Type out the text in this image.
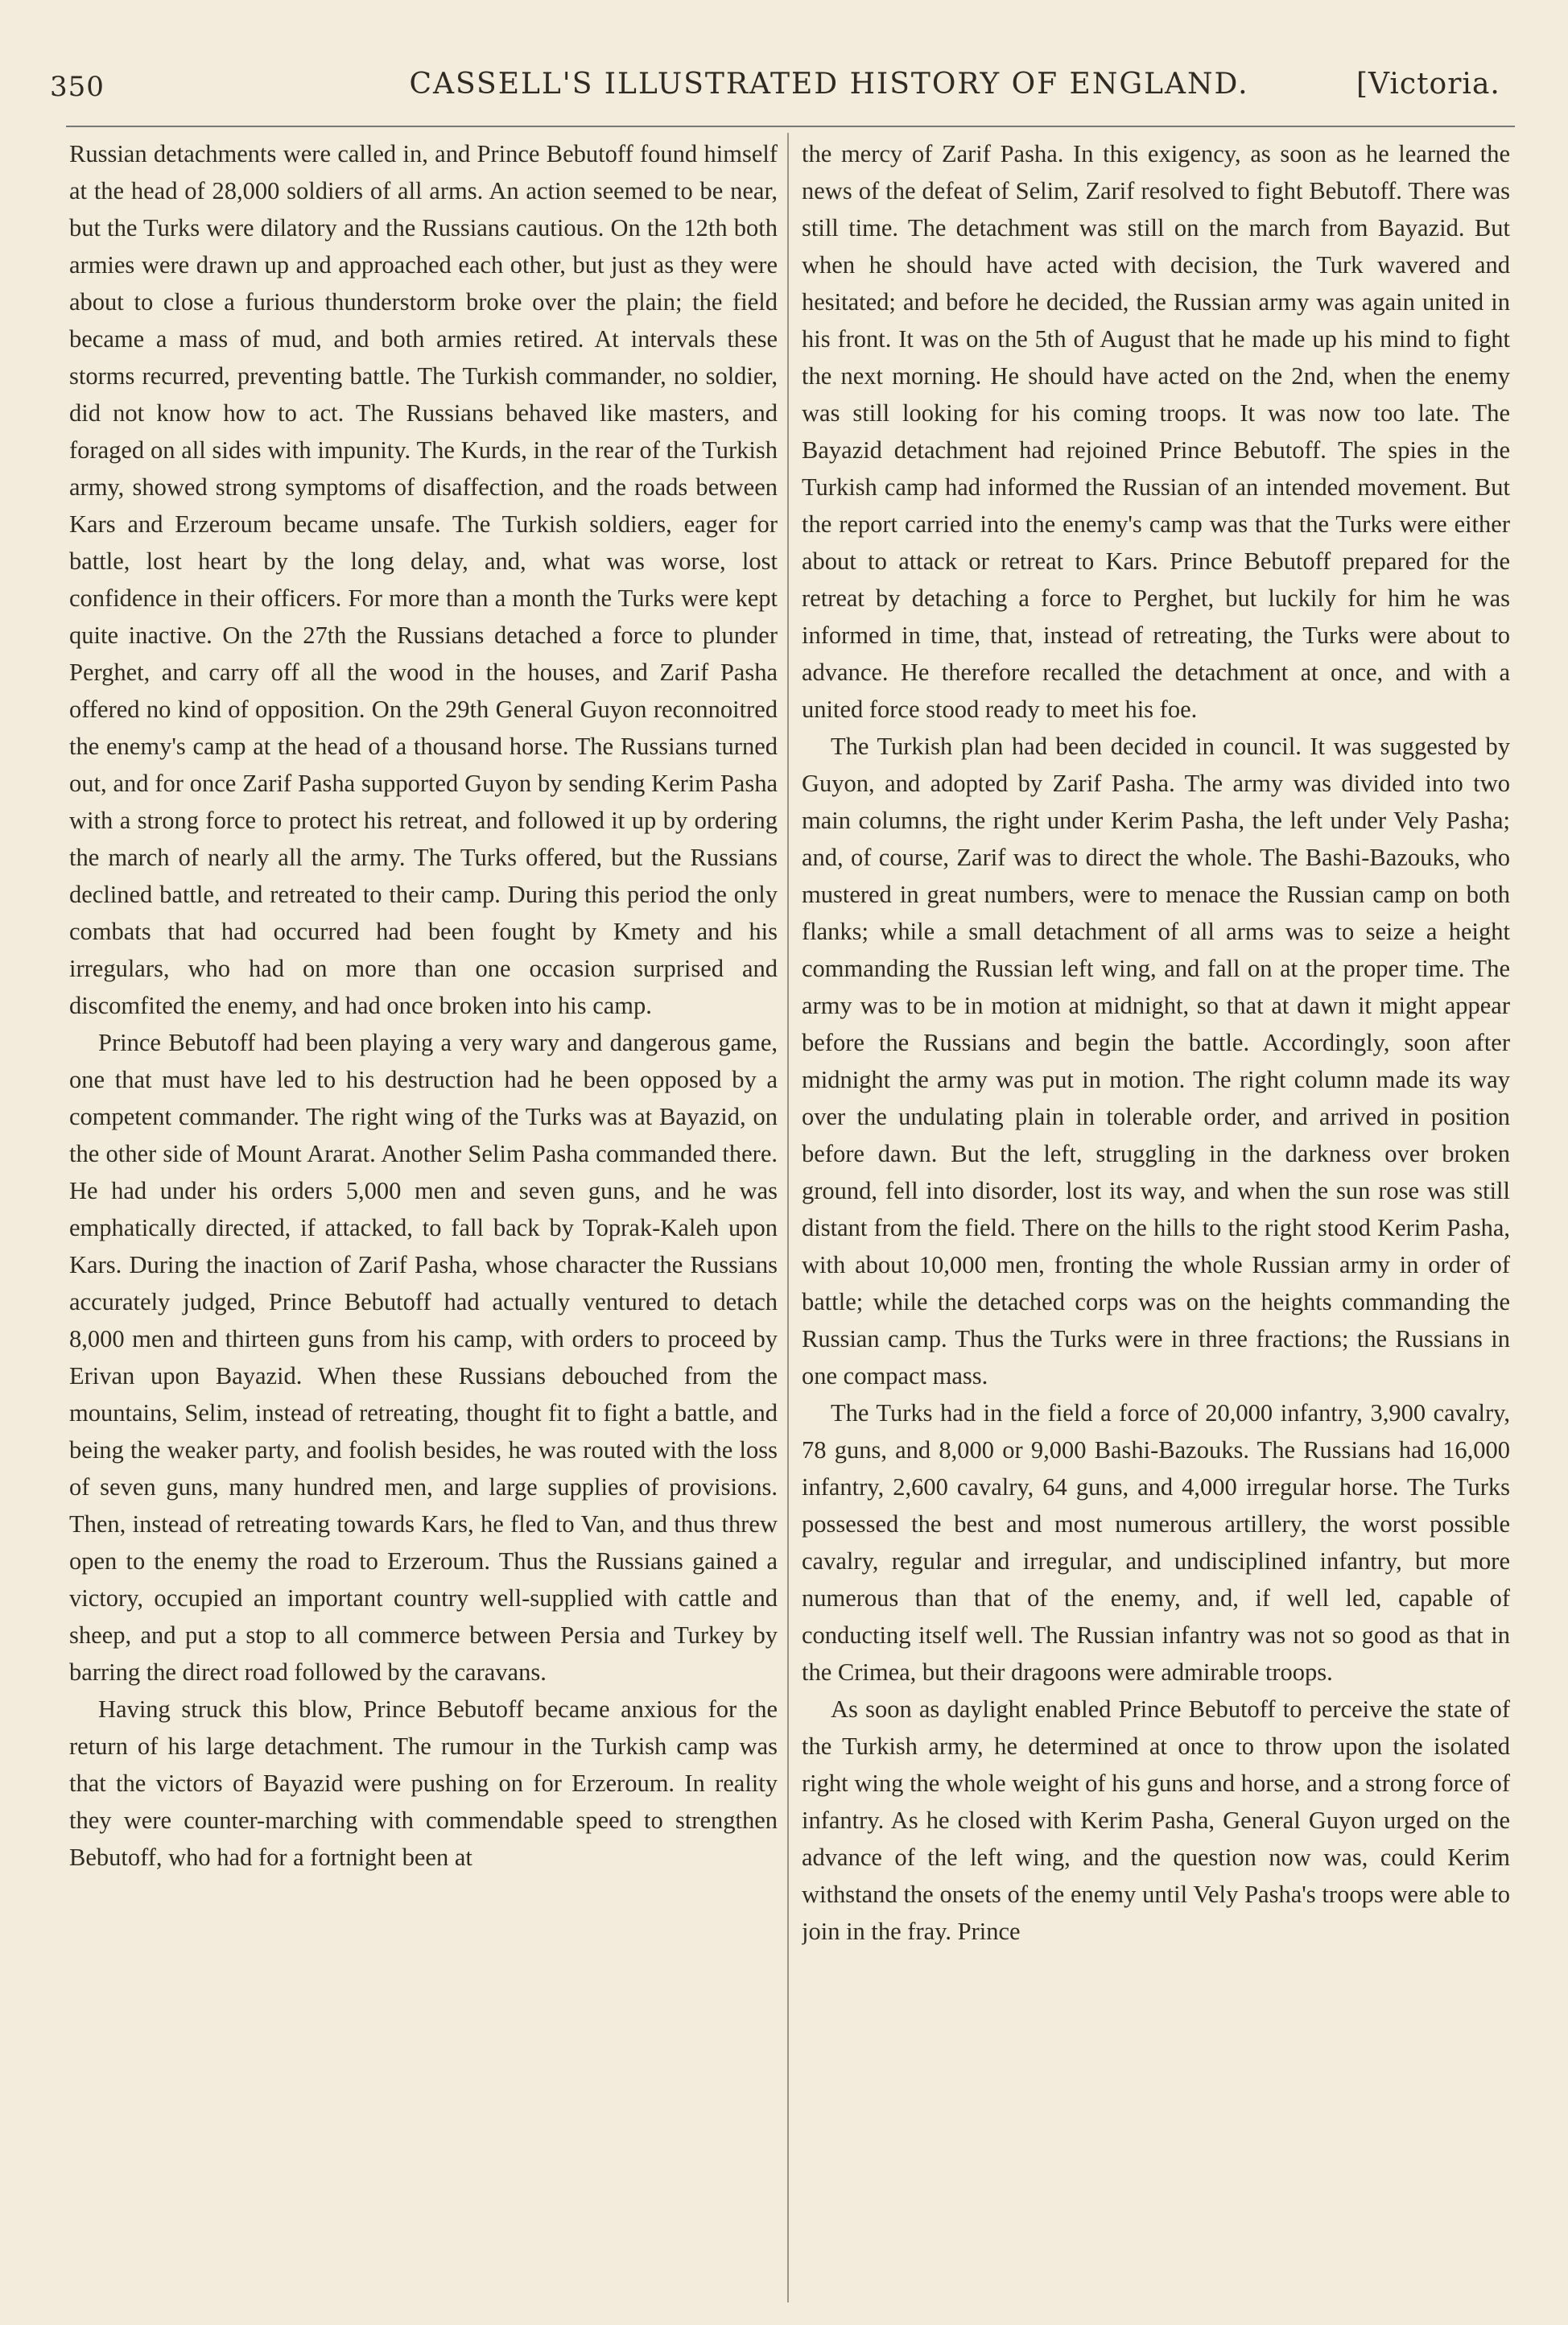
350	CASSELL'S ILLUSTRATED HISTORY OF ENGLAND.	[Victoria.

Russian detachments were called in, and Prince Bebutoff found himself at the head of 28,000 soldiers of all arms. An action seemed to be near, but the Turks were dilatory and the Russians cautious. On the 12th both armies were drawn up and approached each other, but just as they were about to close a furious thunderstorm broke over the plain; the field became a mass of mud, and both armies retired. At intervals these storms recurred, preventing battle. The Turkish commander, no soldier, did not know how to act. The Russians behaved like masters, and foraged on all sides with impunity. The Kurds, in the rear of the Turkish army, showed strong symptoms of disaffection, and the roads between Kars and Erzeroum became unsafe. The Turkish soldiers, eager for battle, lost heart by the long delay, and, what was worse, lost confidence in their officers. For more than a month the Turks were kept quite inactive. On the 27th the Russians detached a force to plunder Perghet, and carry off all the wood in the houses, and Zarif Pasha offered no kind of opposition. On the 29th General Guyon reconnoitred the enemy's camp at the head of a thousand horse. The Russians turned out, and for once Zarif Pasha supported Guyon by sending Kerim Pasha with a strong force to protect his retreat, and followed it up by ordering the march of nearly all the army. The Turks offered, but the Russians declined battle, and retreated to their camp. During this period the only combats that had occurred had been fought by Kmety and his irregulars, who had on more than one occasion surprised and discomfited the enemy, and had once broken into his camp.

Prince Bebutoff had been playing a very wary and dangerous game, one that must have led to his destruction had he been opposed by a competent commander. The right wing of the Turks was at Bayazid, on the other side of Mount Ararat. Another Selim Pasha commanded there. He had under his orders 5,000 men and seven guns, and he was emphatically directed, if attacked, to fall back by Toprak-Kaleh upon Kars. During the inaction of Zarif Pasha, whose character the Russians accurately judged, Prince Bebutoff had actually ventured to detach 8,000 men and thirteen guns from his camp, with orders to proceed by Erivan upon Bayazid. When these Russians debouched from the mountains, Selim, instead of retreating, thought fit to fight a battle, and being the weaker party, and foolish besides, he was routed with the loss of seven guns, many hundred men, and large supplies of provisions. Then, instead of retreating towards Kars, he fled to Van, and thus threw open to the enemy the road to Erzeroum. Thus the Russians gained a victory, occupied an important country well-supplied with cattle and sheep, and put a stop to all commerce between Persia and Turkey by barring the direct road followed by the caravans.

Having struck this blow, Prince Bebutoff became anxious for the return of his large detachment. The rumour in the Turkish camp was that the victors of Bayazid were pushing on for Erzeroum. In reality they were counter-marching with commendable speed to strengthen Bebutoff, who had for a fortnight been at

the mercy of Zarif Pasha. In this exigency, as soon as he learned the news of the defeat of Selim, Zarif resolved to fight Bebutoff. There was still time. The detachment was still on the march from Bayazid. But when he should have acted with decision, the Turk wavered and hesitated; and before he decided, the Russian army was again united in his front. It was on the 5th of August that he made up his mind to fight the next morning. He should have acted on the 2nd, when the enemy was still looking for his coming troops. It was now too late. The Bayazid detachment had rejoined Prince Bebutoff. The spies in the Turkish camp had informed the Russian of an intended movement. But the report carried into the enemy's camp was that the Turks were either about to attack or retreat to Kars. Prince Bebutoff prepared for the retreat by detaching a force to Perghet, but luckily for him he was informed in time, that, instead of retreating, the Turks were about to advance. He therefore recalled the detachment at once, and with a united force stood ready to meet his foe.

The Turkish plan had been decided in council. It was suggested by Guyon, and adopted by Zarif Pasha. The army was divided into two main columns, the right under Kerim Pasha, the left under Vely Pasha; and, of course, Zarif was to direct the whole. The Bashi-Bazouks, who mustered in great numbers, were to menace the Russian camp on both flanks; while a small detachment of all arms was to seize a height commanding the Russian left wing, and fall on at the proper time. The army was to be in motion at midnight, so that at dawn it might appear before the Russians and begin the battle. Accordingly, soon after midnight the army was put in motion. The right column made its way over the undulating plain in tolerable order, and arrived in position before dawn. But the left, struggling in the darkness over broken ground, fell into disorder, lost its way, and when the sun rose was still distant from the field. There on the hills to the right stood Kerim Pasha, with about 10,000 men, fronting the whole Russian army in order of battle; while the detached corps was on the heights commanding the Russian camp. Thus the Turks were in three fractions; the Russians in one compact mass.

The Turks had in the field a force of 20,000 infantry, 3,900 cavalry, 78 guns, and 8,000 or 9,000 Bashi-Bazouks. The Russians had 16,000 infantry, 2,600 cavalry, 64 guns, and 4,000 irregular horse. The Turks possessed the best and most numerous artillery, the worst possible cavalry, regular and irregular, and undisciplined infantry, but more numerous than that of the enemy, and, if well led, capable of conducting itself well. The Russian infantry was not so good as that in the Crimea, but their dragoons were admirable troops.

As soon as daylight enabled Prince Bebutoff to perceive the state of the Turkish army, he determined at once to throw upon the isolated right wing the whole weight of his guns and horse, and a strong force of infantry. As he closed with Kerim Pasha, General Guyon urged on the advance of the left wing, and the question now was, could Kerim withstand the onsets of the enemy until Vely Pasha's troops were able to join in the fray. Prince
